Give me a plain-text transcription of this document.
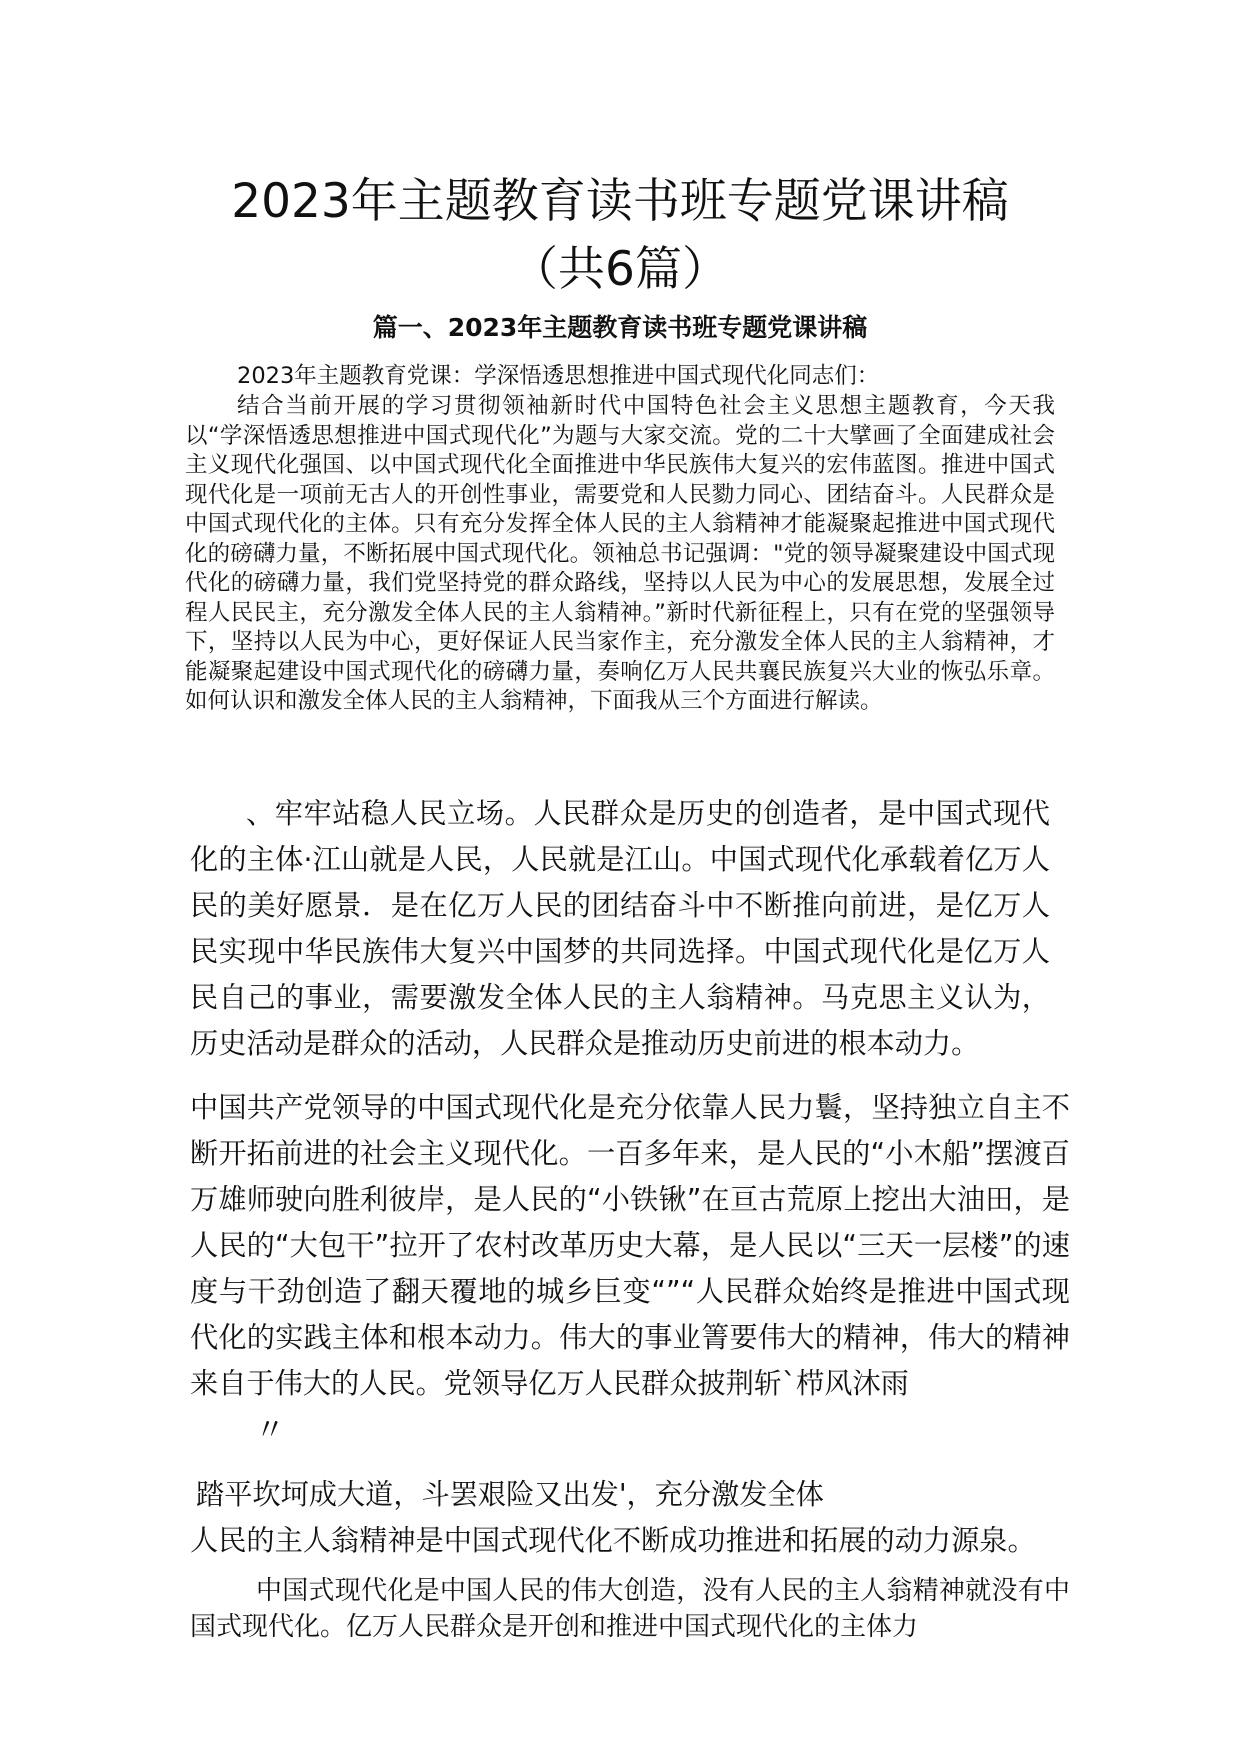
2023年主题教育读书班专题党课讲稿
（共6篇）
篇一、2023年主题教育读书班专题党课讲稿

2023年主题教育党课：学深悟透思想推进中国式现代化同志们：

结合当前开展的学习贯彻领袖新时代中国特色社会主义思想主题教育，今天我以“学深悟透思想推进中国式现代化”为题与大家交流。党的二十大擘画了全面建成社会主义现代化强国、以中国式现代化全面推进中华民族伟大复兴的宏伟蓝图。推进中国式现代化是一项前无古人的开创性事业，需要党和人民勠力同心、团结奋斗。人民群众是中国式现代化的主体。只有充分发挥全体人民的主人翁精神才能凝聚起推进中国式现代化的磅礴力量，不断拓展中国式现代化。领袖总书记强调："党的领导凝聚建设中国式现代化的磅礴力量，我们党坚持党的群众路线，坚持以人民为中心的发展思想，发展全过程人民民主，充分激发全体人民的主人翁精神。”新时代新征程上，只有在党的坚强领导下，坚持以人民为中心，更好保证人民当家作主，充分激发全体人民的主人翁精神，才能凝聚起建设中国式现代化的磅礴力量，奏响亿万人民共襄民族复兴大业的恢弘乐章。如何认识和激发全体人民的主人翁精神，下面我从三个方面进行解读。

、牢牢站稳人民立场。人民群众是历史的创造者，是中国式现代化的主体·江山就是人民，人民就是江山。中国式现代化承载着亿万人民的美好愿景．是在亿万人民的团结奋斗中不断推向前进，是亿万人民实现中华民族伟大复兴中国梦的共同选择。中国式现代化是亿万人民自己的事业，需要激发全体人民的主人翁精神。马克思主义认为，历史活动是群众的活动，人民群众是推动历史前进的根本动力。

中国共产党领导的中国式现代化是充分依靠人民力鬟，坚持独立自主不断开拓前进的社会主义现代化。一百多年来，是人民的“小木船”摆渡百万雄师驶向胜利彼岸，是人民的“小铁锹”在亘古荒原上挖出大油田，是人民的“大包干”拉开了农村改革历史大幕，是人民以“三天一层楼”的速度与干劲创造了翻天覆地的城乡巨变“”“人民群众始终是推进中国式现代化的实践主体和根本动力。伟大的事业箐要伟大的精神，伟大的精神来自于伟大的人民。党领导亿万人民群众披荆斩`栉风沐雨

〃

踏平坎坷成大道，斗罢艰险又出发'，充分激发全体

人民的主人翁精神是中国式现代化不断成功推进和拓展的动力源泉。

中国式现代化是中国人民的伟大创造，没有人民的主人翁精神就没有中国式现代化。亿万人民群众是开创和推进中国式现代化的主体力
